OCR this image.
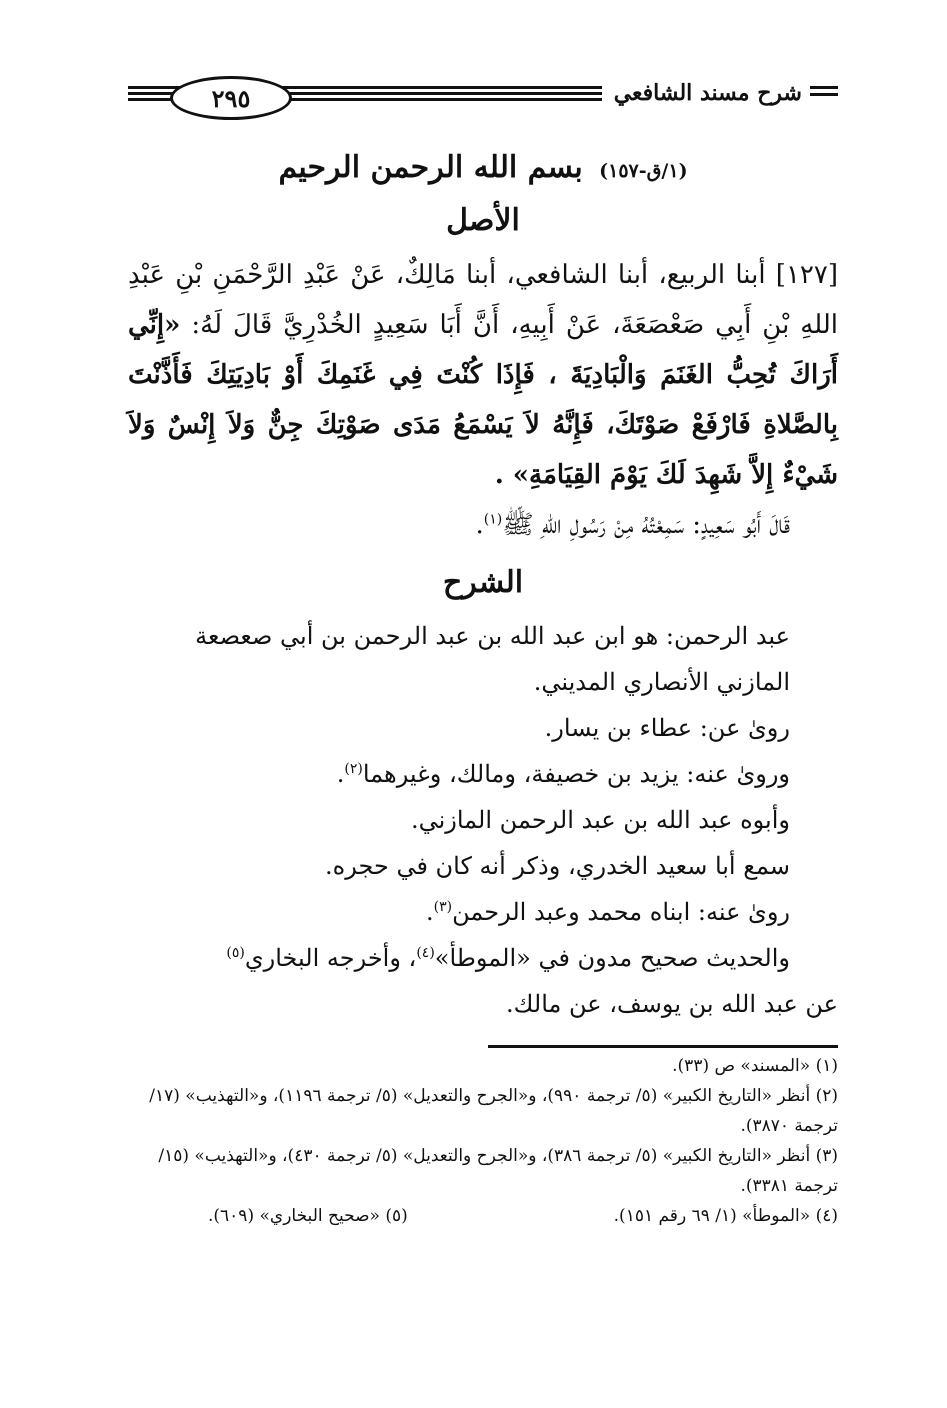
شرح مسند الشافعي
٢٩٥
(١/ق-١٥٧) بسم الله الرحمن الرحيم
الأصل

[١٢٧] أبنا الربيع، أبنا الشافعي، أبنا مَالِكٌ، عَنْ عَبْدِ الرَّحْمَنِ بْنِ عَبْدِ اللهِ بْنِ أَبِي صَعْصَعَةَ، عَنْ أَبِيهِ، أَنَّ أَبَا سَعِيدٍ الخُدْرِيَّ قَالَ لَهُ: «إِنِّي أَرَاكَ تُحِبُّ الغَنَمَ وَالْبَادِيَةَ ، فَإِذَا كُنْتَ فِي غَنَمِكَ أَوْ بَادِيَتِكَ فَأَذَّنْتَ بِالصَّلاةِ فَارْفَعْ صَوْتَكَ، فَإِنَّهُ لاَ يَسْمَعُ مَدَى صَوْتِكَ جِنٌّ وَلاَ إِنْسٌ وَلاَ شَيْءٌ إِلاَّ شَهِدَ لَكَ يَوْمَ القِيَامَةِ» .

قَالَ أَبُو سَعِيدٍ: سَمِعْتُهُ مِنْ رَسُولِ اللهِ ﷺ$^{(١)}$.

الشرح

عبد الرحمن: هو ابن عبد الله بن عبد الرحمن بن أبي صعصعة المازني الأنصاري المديني.

رویٰ عن: عطاء بن يسار.

ورویٰ عنه: يزيد بن خصيفة، ومالك، وغيرهما$^{(٢)}$.

وأبوه عبد الله بن عبد الرحمن المازني.

سمع أبا سعيد الخدري، وذكر أنه كان في حجره.

رویٰ عنه: ابناه محمد وعبد الرحمن$^{(٣)}$.

والحديث صحيح مدون في «الموطأ»$^{(٤)}$، وأخرجه البخاري$^{(٥)}$

عن عبد الله بن يوسف، عن مالك.

(١) «المسند» ص (٣٣).

(٢) أنظر «التاريخ الكبير» (٥/ ترجمة ٩٩٠)، و«الجرح والتعديل» (٥/ ترجمة ١١٩٦)، و«التهذيب» (١٧/ ترجمة ٣٨٧٠).

(٣) أنظر «التاريخ الكبير» (٥/ ترجمة ٣٨٦)، و«الجرح والتعديل» (٥/ ترجمة ٤٣٠)، و«التهذيب» (١٥/ ترجمة ٣٣٨١).

(٤) «الموطأ» (١/ ٦٩ رقم ١٥١).
(٥) «صحيح البخاري» (٦٠٩).
